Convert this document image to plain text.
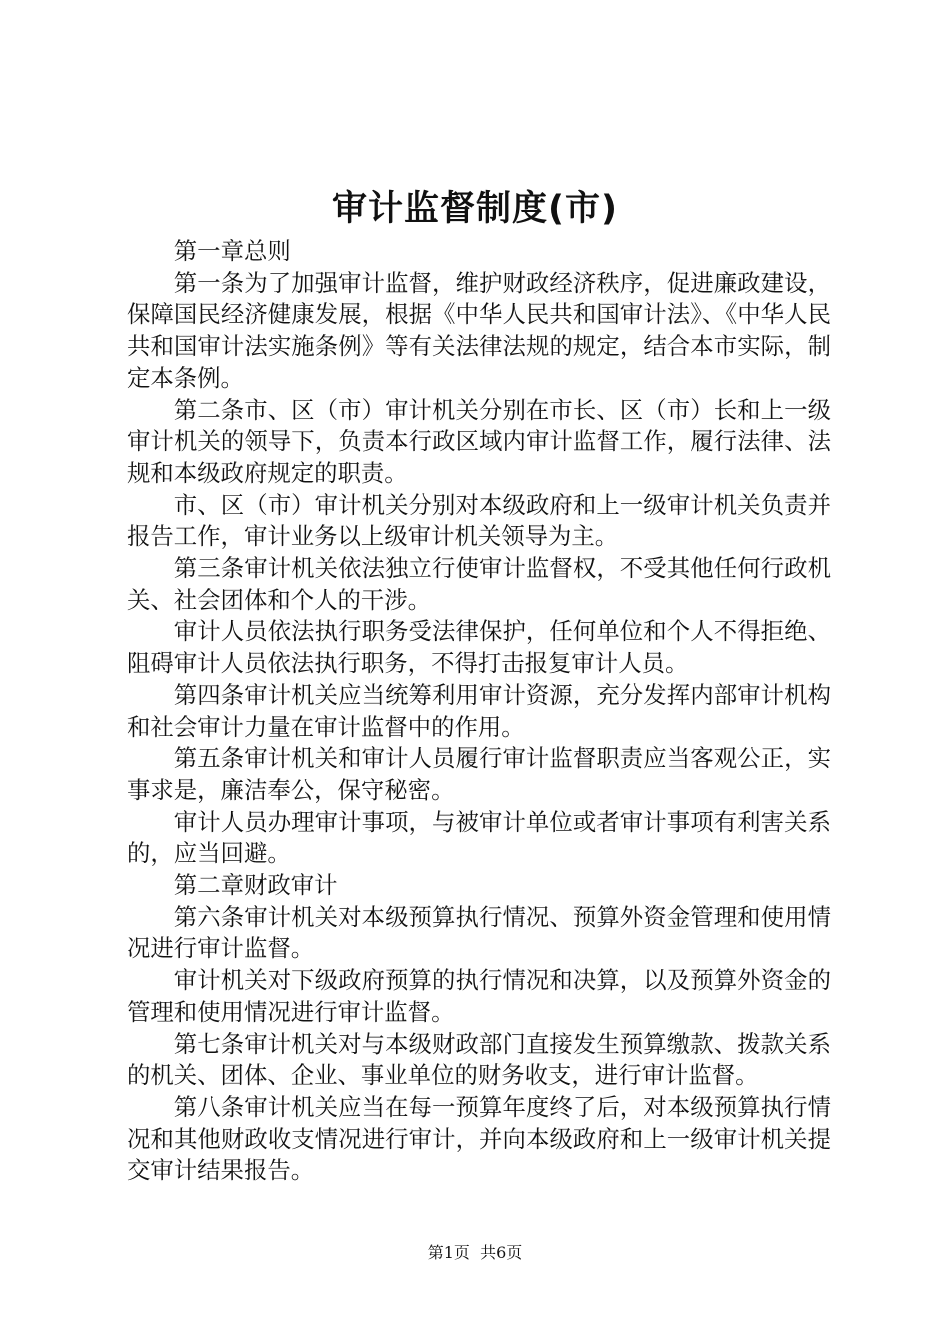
审计监督制度(市)

第一章总则

第一条为了加强审计监督，维护财政经济秩序，促进廉政建设，保障国民经济健康发展，根据《中华人民共和国审计法》、《中华人民共和国审计法实施条例》等有关法律法规的规定，结合本市实际，制定本条例。

第二条市、区（市）审计机关分别在市长、区（市）长和上一级审计机关的领导下，负责本行政区域内审计监督工作，履行法律、法规和本级政府规定的职责。

市、区（市）审计机关分别对本级政府和上一级审计机关负责并报告工作，审计业务以上级审计机关领导为主。

第三条审计机关依法独立行使审计监督权，不受其他任何行政机关、社会团体和个人的干涉。

审计人员依法执行职务受法律保护，任何单位和个人不得拒绝、阻碍审计人员依法执行职务，不得打击报复审计人员。

第四条审计机关应当统筹利用审计资源，充分发挥内部审计机构和社会审计力量在审计监督中的作用。

第五条审计机关和审计人员履行审计监督职责应当客观公正，实事求是，廉洁奉公，保守秘密。

审计人员办理审计事项，与被审计单位或者审计事项有利害关系的，应当回避。

第二章财政审计

第六条审计机关对本级预算执行情况、预算外资金管理和使用情况进行审计监督。

审计机关对下级政府预算的执行情况和决算，以及预算外资金的管理和使用情况进行审计监督。

第七条审计机关对与本级财政部门直接发生预算缴款、拨款关系的机关、团体、企业、事业单位的财务收支，进行审计监督。

第八条审计机关应当在每一预算年度终了后，对本级预算执行情况和其他财政收支情况进行审计，并向本级政府和上一级审计机关提交审计结果报告。

第1页 共6页
